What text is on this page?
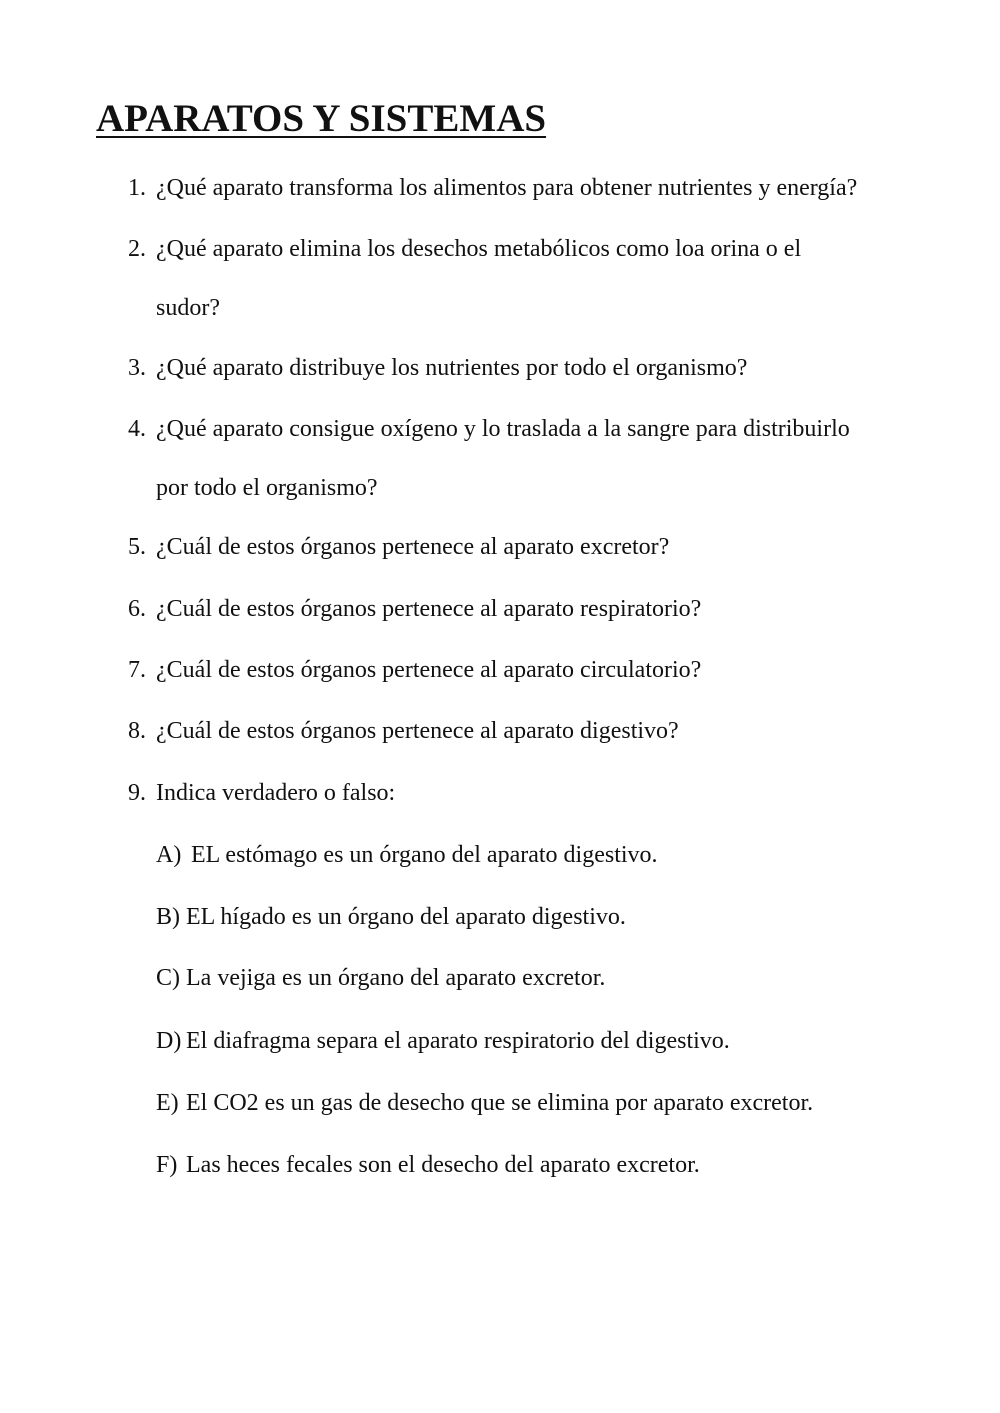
APARATOS Y SISTEMAS
1. ¿Qué aparato transforma los alimentos para obtener nutrientes y energía?
2. ¿Qué aparato elimina los desechos metabólicos como loa orina o el
sudor?
3. ¿Qué aparato distribuye los nutrientes por todo el organismo?
4. ¿Qué aparato consigue oxígeno y lo traslada a la sangre para distribuirlo
por todo el organismo?
5. ¿Cuál de estos órganos pertenece al aparato excretor?
6. ¿Cuál de estos órganos pertenece al aparato respiratorio?
7. ¿Cuál de estos órganos pertenece al aparato circulatorio?
8. ¿Cuál de estos órganos pertenece al aparato digestivo?
9. Indica verdadero o falso:
A) EL estómago es un órgano del aparato digestivo.
B) EL hígado es un órgano del aparato digestivo.
C) La vejiga es un órgano del aparato excretor.
D) El diafragma separa el aparato respiratorio del digestivo.
E) El CO2 es un gas de desecho que se elimina por aparato excretor.
F) Las heces fecales son el desecho del aparato excretor.
